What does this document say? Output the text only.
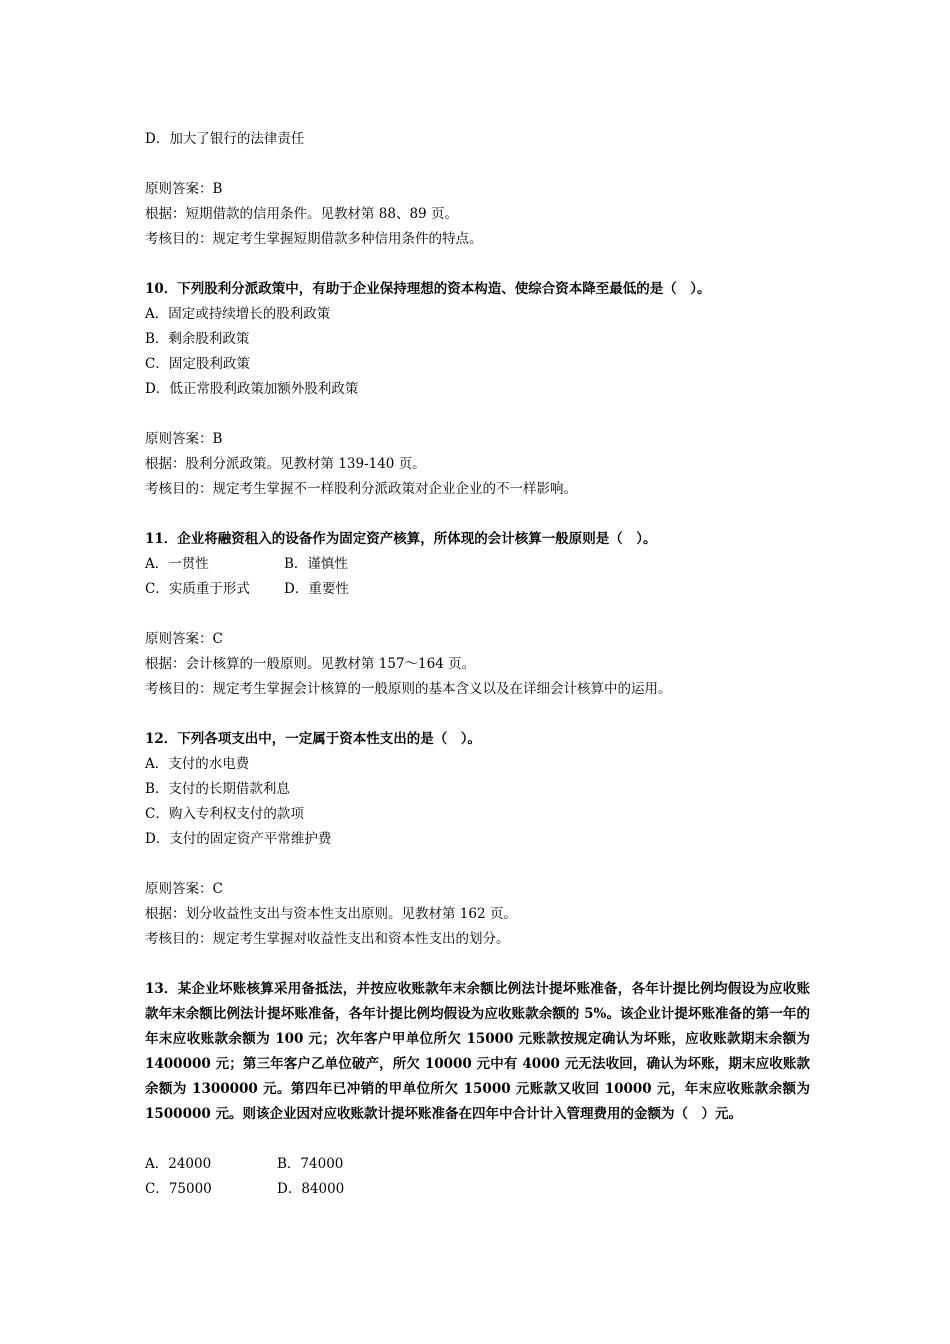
D．加大了银行的法律责任
原则答案：B
根据：短期借款的信用条件。见教材第 88、89 页。
考核目的：规定考生掌握短期借款多种信用条件的特点。
10．下列股利分派政策中，有助于企业保持理想的资本构造、使综合资本降至最低的是（　）。
A．固定或持续增长的股利政策
B．剩余股利政策
C．固定股利政策
D．低正常股利政策加额外股利政策
原则答案：B
根据：股利分派政策。见教材第 139-140 页。
考核目的：规定考生掌握不一样股利分派政策对企业企业的不一样影响。
11．企业将融资租入的设备作为固定资产核算，所体现的会计核算一般原则是（　）。
A．一贯性	B．谨慎性
C．实质重于形式	D．重要性
原则答案：C
根据：会计核算的一般原则。见教材第 157～164 页。
考核目的：规定考生掌握会计核算的一般原则的基本含义以及在详细会计核算中的运用。
12．下列各项支出中，一定属于资本性支出的是（　）。
A．支付的水电费
B．支付的长期借款利息
C．购入专利权支付的款项
D．支付的固定资产平常维护费
原则答案：C
根据：划分收益性支出与资本性支出原则。见教材第 162 页。
考核目的：规定考生掌握对收益性支出和资本性支出的划分。
13．某企业坏账核算采用备抵法，并按应收账款年末余额比例法计提坏账准备，各年计提比例均假设为应收账款年末余额比例法计提坏账准备，各年计提比例均假设为应收账款余额的 5%。该企业计提坏账准备的第一年的年末应收账款余额为 100 元；次年客户甲单位所欠 15000 元账款按规定确认为坏账，应收账款期末余额为 1400000 元；第三年客户乙单位破产，所欠 10000 元中有 4000 元无法收回，确认为坏账，期末应收账款余额为 1300000 元。第四年已冲销的甲单位所欠 15000 元账款又收回 10000 元，年末应收账款余额为 1500000 元。则该企业因对应收账款计提坏账准备在四年中合计计入管理费用的金额为（　）元。
A．24000	B．74000
C．75000	D．84000
